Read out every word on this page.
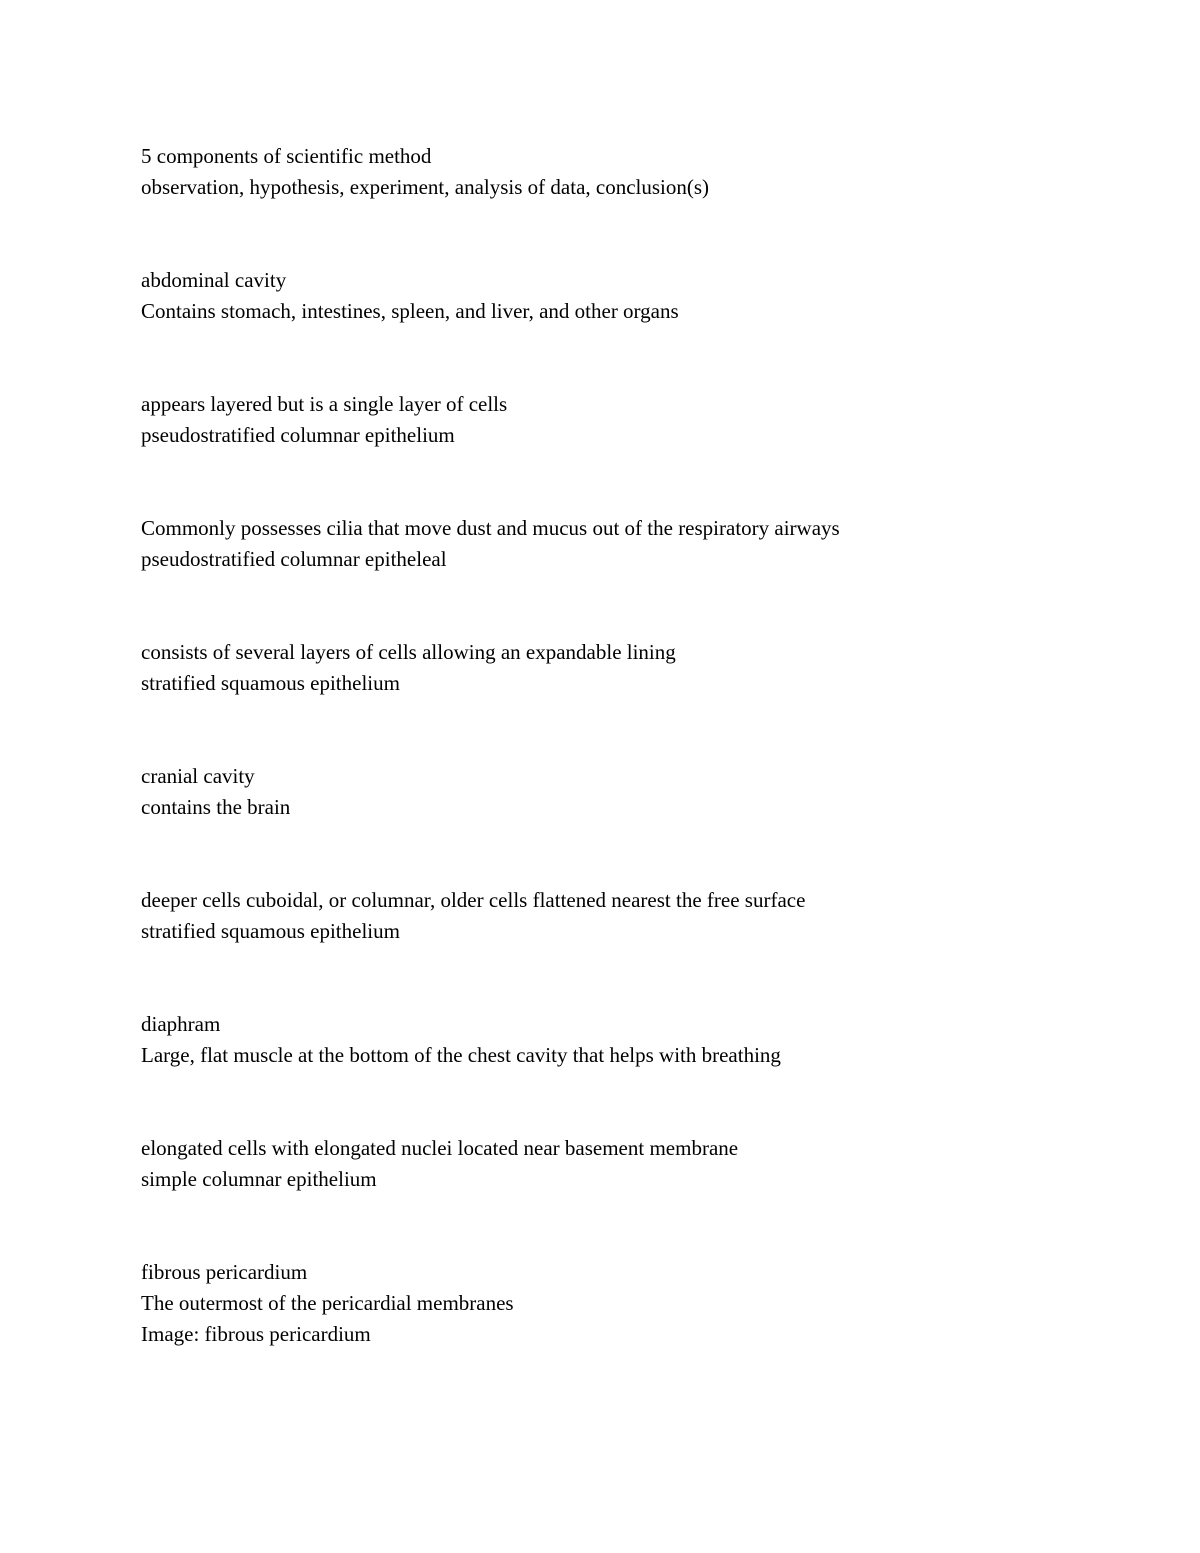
5 components of scientific method
observation, hypothesis, experiment, analysis of data, conclusion(s)
abdominal cavity
Contains stomach, intestines, spleen, and liver, and other organs
appears layered but is a single layer of cells
pseudostratified columnar epithelium
Commonly possesses cilia that move dust and mucus out of the respiratory airways
pseudostratified columnar epitheleal
consists of several layers of cells allowing an expandable lining
stratified squamous epithelium
cranial cavity
contains the brain
deeper cells cuboidal, or columnar, older cells flattened nearest the free surface
stratified squamous epithelium
diaphram
Large, flat muscle at the bottom of the chest cavity that helps with breathing
elongated cells with elongated nuclei located near basement membrane
simple columnar epithelium
fibrous pericardium
The outermost of the pericardial membranes
Image: fibrous pericardium
